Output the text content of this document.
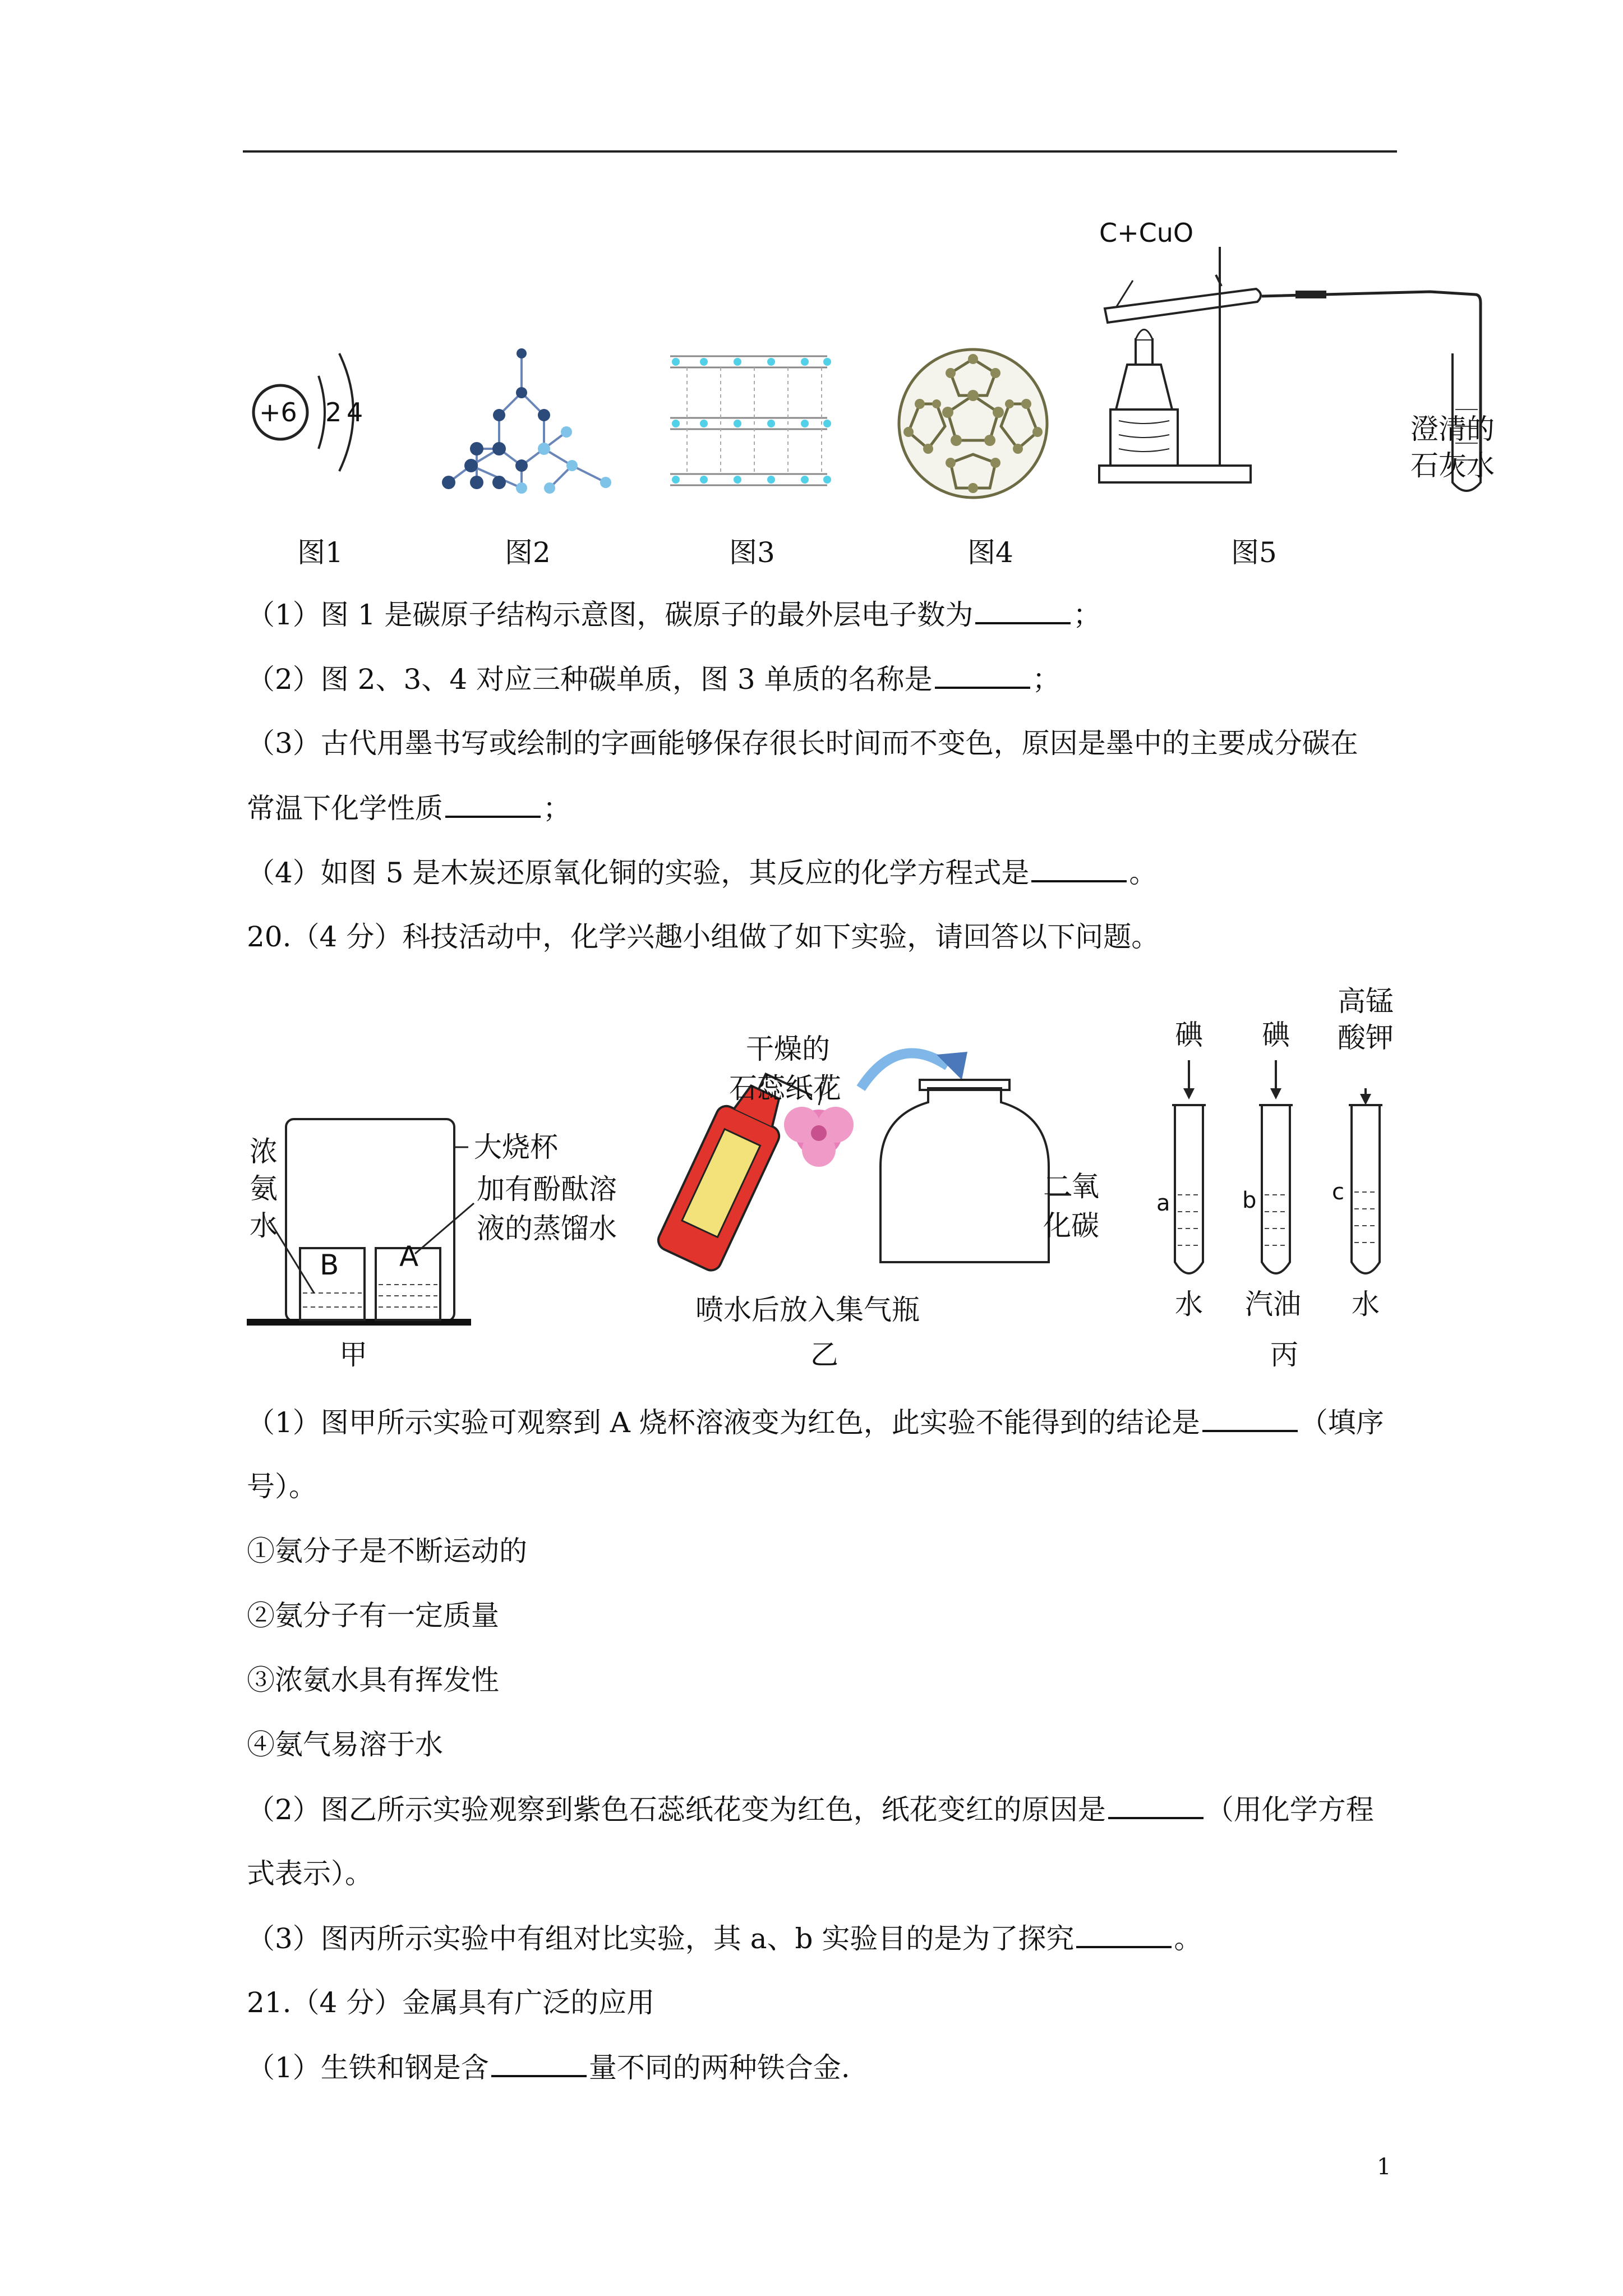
+6 2 4
C+CuO
澄清的
石灰水
图1	图2	图3	图4	图5
（1）图 1 是碳原子结构示意图，碳原子的最外层电子数为	；
（2）图 2、3、4 对应三种碳单质，图 3 单质的名称是	；
（3）古代用墨书写或绘制的字画能够保存很长时间而不变色，原因是墨中的主要成分碳在
常温下化学性质	；
（4）如图 5 是木炭还原氧化铜的实验，其反应的化学方程式是	。
20.（4 分）科技活动中，化学兴趣小组做了如下实验，请回答以下问题。
浓氨水
大烧杯
加有酚酞溶
液的蒸馏水
B A
甲
干燥的
石蕊纸花
二氧
化碳
喷水后放入集气瓶
乙
碘 碘
高锰
酸钾
a	b	c
水 汽油 水
丙
（1）图甲所示实验可观察到 A 烧杯溶液变为红色，此实验不能得到的结论是	（填序
号）。
①氨分子是不断运动的
②氨分子有一定质量
③浓氨水具有挥发性
④氨气易溶于水
（2）图乙所示实验观察到紫色石蕊纸花变为红色，纸花变红的原因是	（用化学方程
式表示）。
（3）图丙所示实验中有组对比实验，其 a、b 实验目的是为了探究	。
21.（4 分）金属具有广泛的应用
（1）生铁和钢是含	量不同的两种铁合金.
1
